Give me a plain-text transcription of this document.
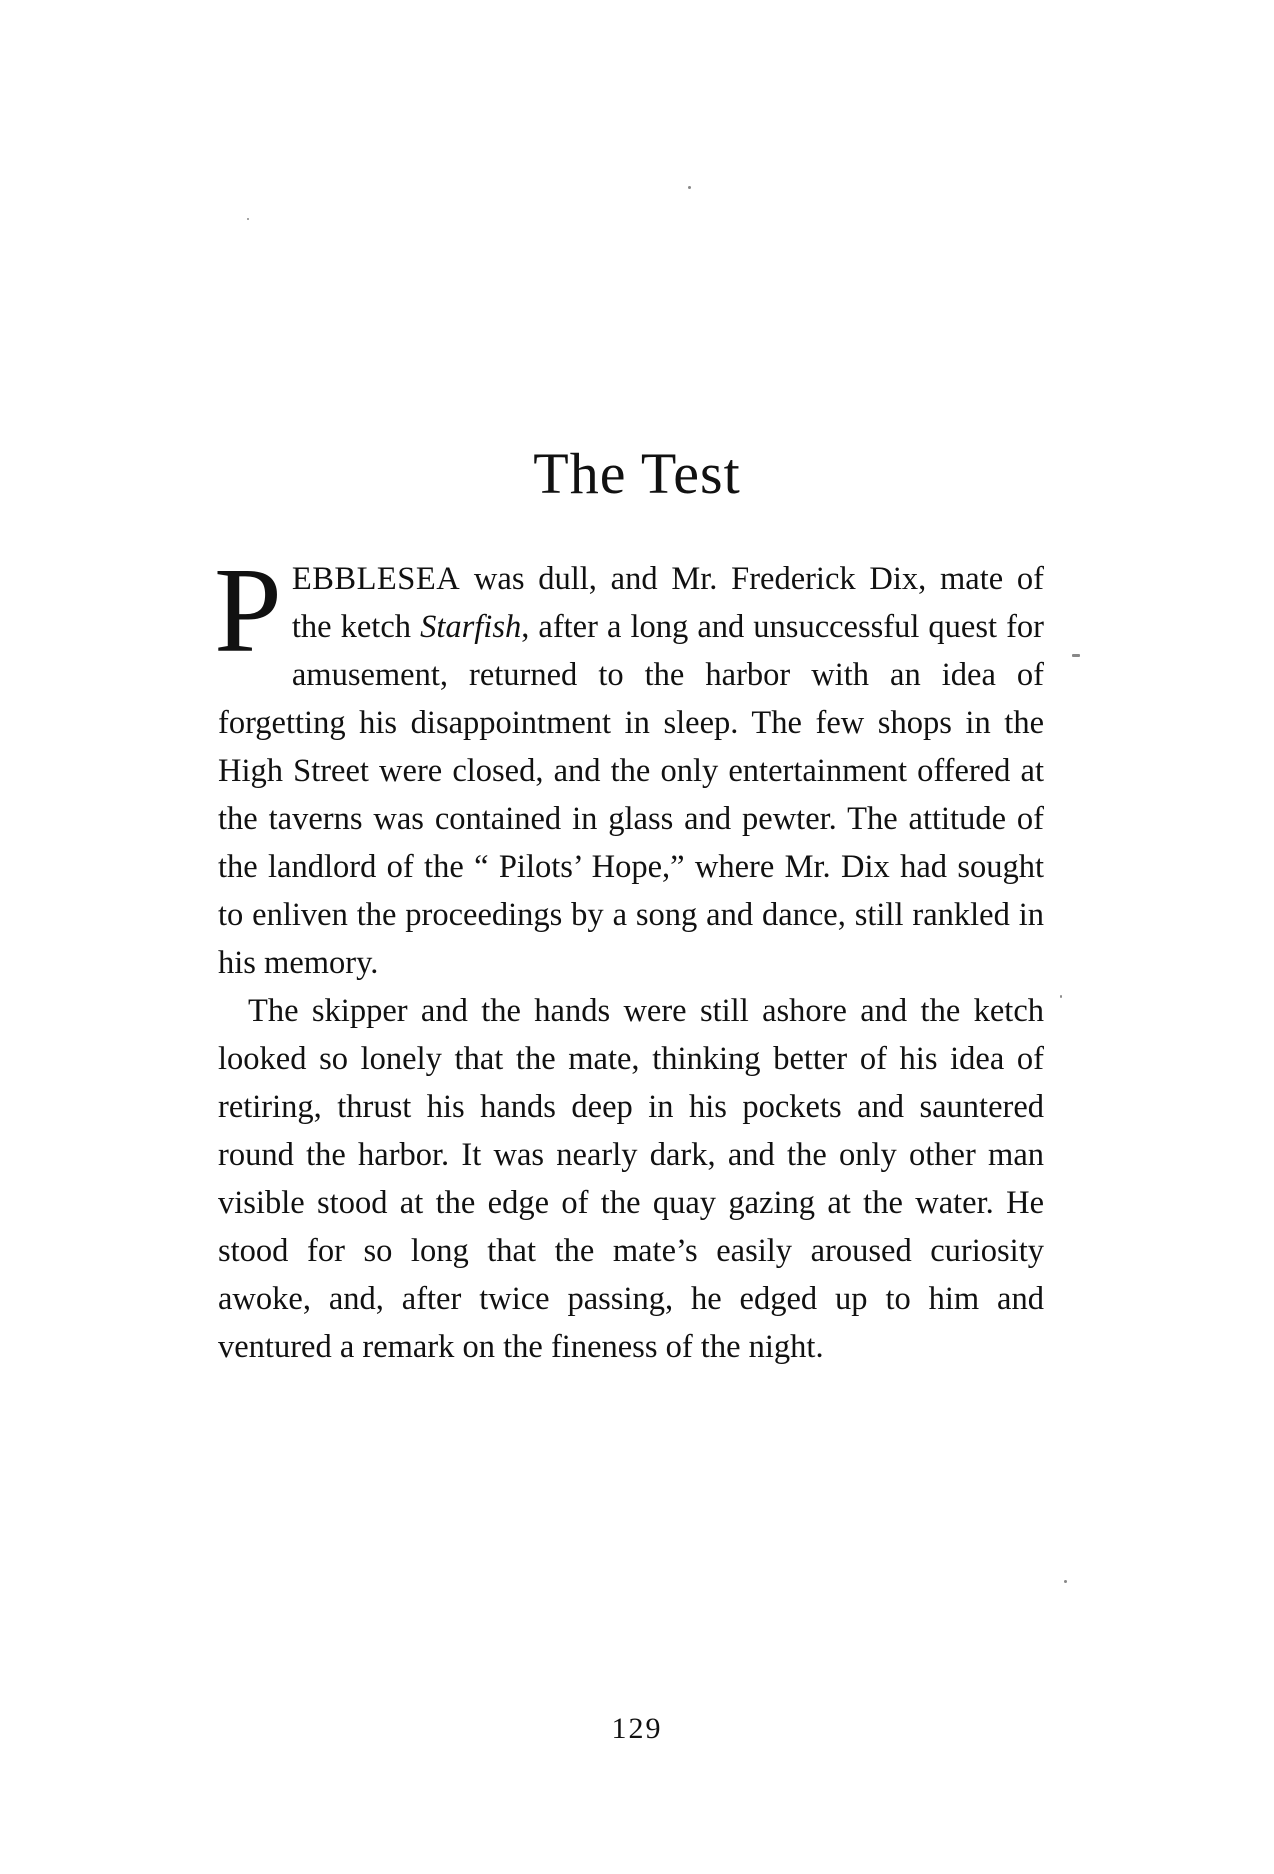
The Test

PEBBLESEA was dull, and Mr. Frederick Dix, mate of the ketch Starfish, after a long and unsuccessful quest for amusement, returned to the harbor with an idea of forgetting his disappointment in sleep. The few shops in the High Street were closed, and the only entertainment offered at the taverns was contained in glass and pewter. The attitude of the landlord of the “ Pilots’ Hope,” where Mr. Dix had sought to enliven the proceedings by a song and dance, still rankled in his memory.

The skipper and the hands were still ashore and the ketch looked so lonely that the mate, thinking better of his idea of retiring, thrust his hands deep in his pockets and sauntered round the harbor. It was nearly dark, and the only other man visible stood at the edge of the quay gazing at the water. He stood for so long that the mate’s easily aroused curiosity awoke, and, after twice passing, he edged up to him and ventured a remark on the fineness of the night.

129
